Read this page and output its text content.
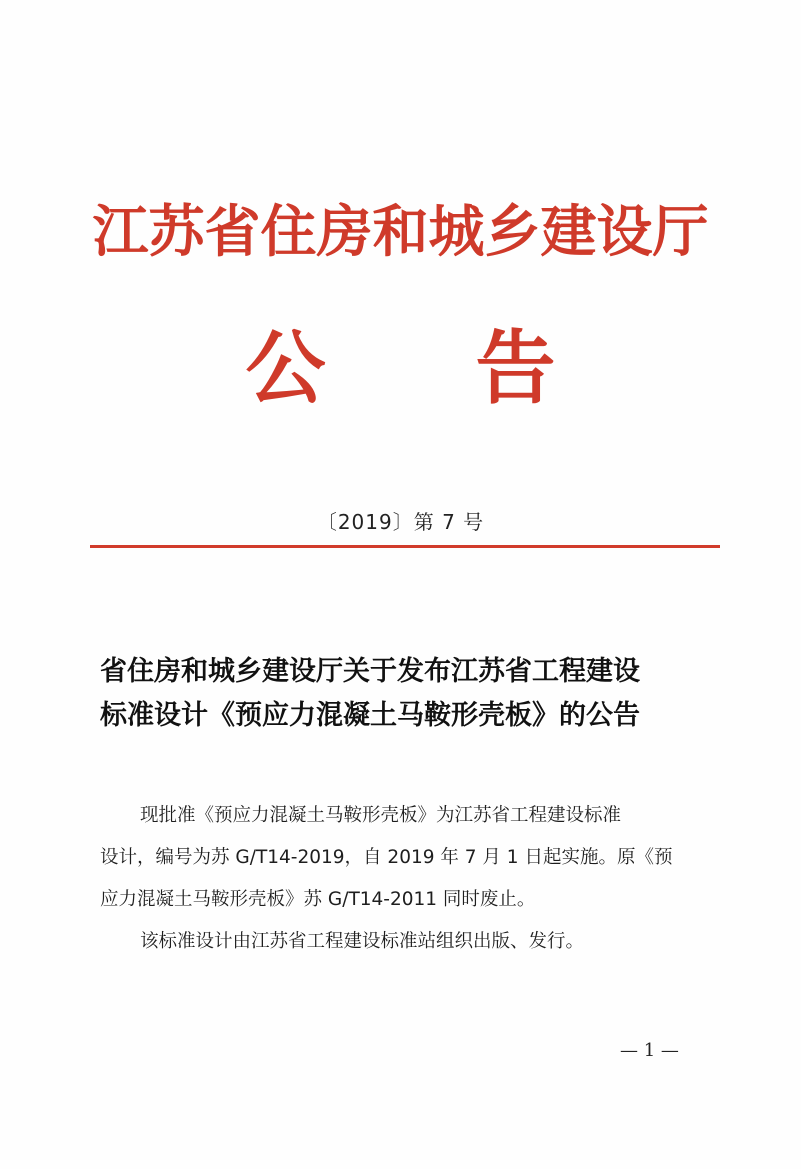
江苏省住房和城乡建设厅
公告
〔2019〕第 7 号
省住房和城乡建设厅关于发布江苏省工程建设
标准设计《预应力混凝土马鞍形壳板》的公告
现批准《预应力混凝土马鞍形壳板》为江苏省工程建设标准
设计，编号为苏 G/T14-2019，自 2019 年 7 月 1 日起实施。原《预
应力混凝土马鞍形壳板》苏 G/T14-2011 同时废止。
该标准设计由江苏省工程建设标准站组织出版、发行。
— 1 —
